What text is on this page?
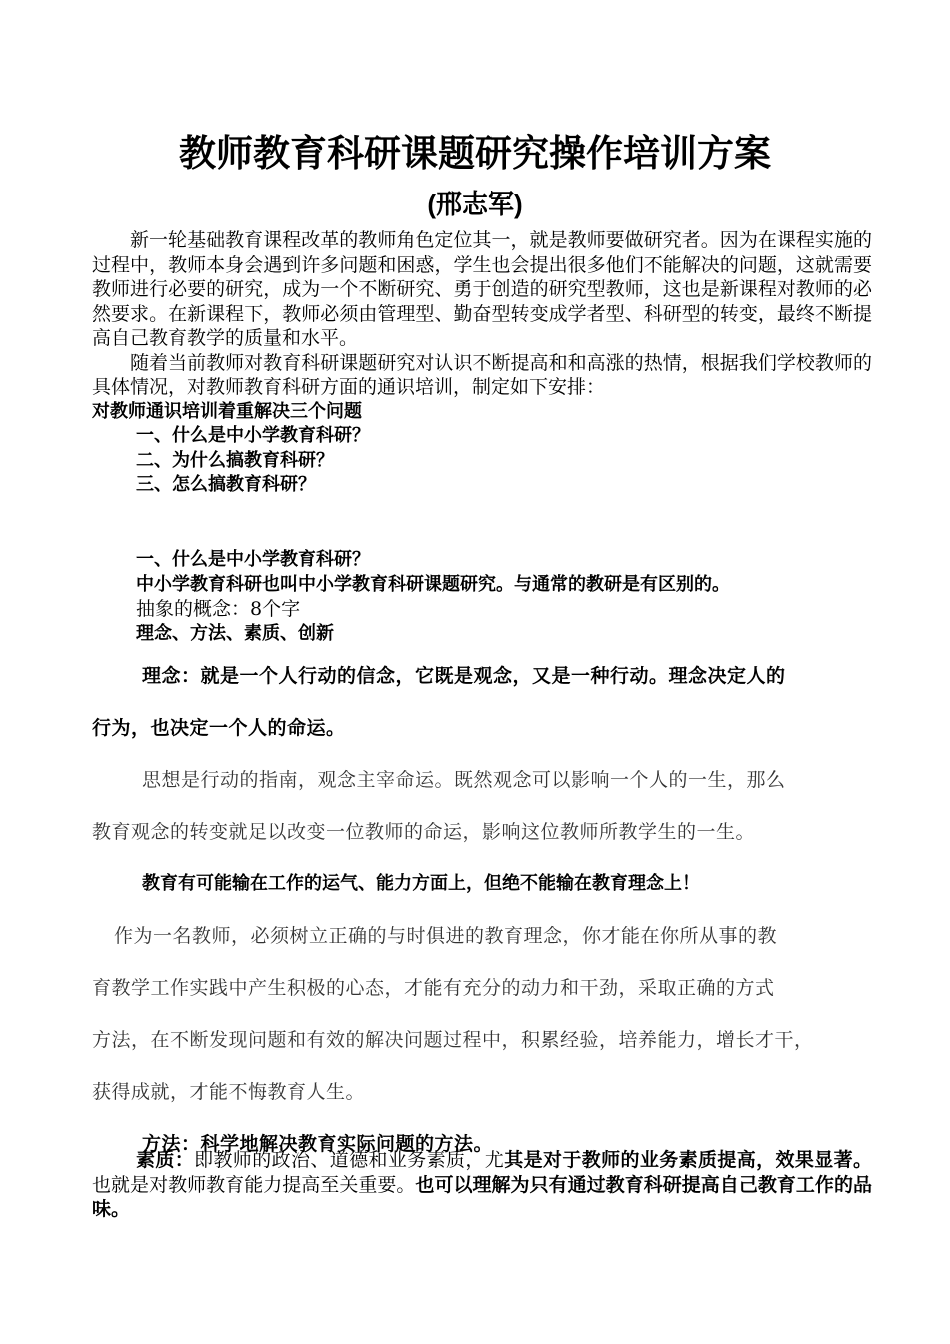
教师教育科研课题研究操作培训方案
(邢志军)

新一轮基础教育课程改革的教师角色定位其一，就是教师要做研究者。因为在课程实施的过程中，教师本身会遇到许多问题和困惑，学生也会提出很多他们不能解决的问题，这就需要教师进行必要的研究，成为一个不断研究、勇于创造的研究型教师，这也是新课程对教师的必然要求。在新课程下，教师必须由管理型、勤奋型转变成学者型、科研型的转变，最终不断提高自己教育教学的质量和水平。

随着当前教师对教育科研课题研究对认识不断提高和和高涨的热情，根据我们学校教师的具体情况，对教师教育科研方面的通识培训，制定如下安排：

对教师通识培训着重解决三个问题

一、什么是中小学教育科研？

二、为什么搞教育科研？

三、怎么搞教育科研？

一、什么是中小学教育科研？

中小学教育科研也叫中小学教育科研课题研究。与通常的教研是有区别的。

抽象的概念：8个字

理念、方法、素质、创新

理念：就是一个人行动的信念，它既是观念，又是一种行动。理念决定人的

行为，也决定一个人的命运。

思想是行动的指南，观念主宰命运。既然观念可以影响一个人的一生，那么

教育观念的转变就足以改变一位教师的命运，影响这位教师所教学生的一生。

教育有可能输在工作的运气、能力方面上，但绝不能输在教育理念上！

作为一名教师，必须树立正确的与时俱进的教育理念，你才能在你所从事的教

育教学工作实践中产生积极的心态，才能有充分的动力和干劲，采取正确的方式

方法，在不断发现问题和有效的解决问题过程中，积累经验，培养能力，增长才干，

获得成就，才能不悔教育人生。

方法：科学地解决教育实际问题的方法。

素质：即教师的政治、道德和业务素质，尤其是对于教师的业务素质提高，效果显著。也就是对教师教育能力提高至关重要。也可以理解为只有通过教育科研提高自己教育工作的品味。
